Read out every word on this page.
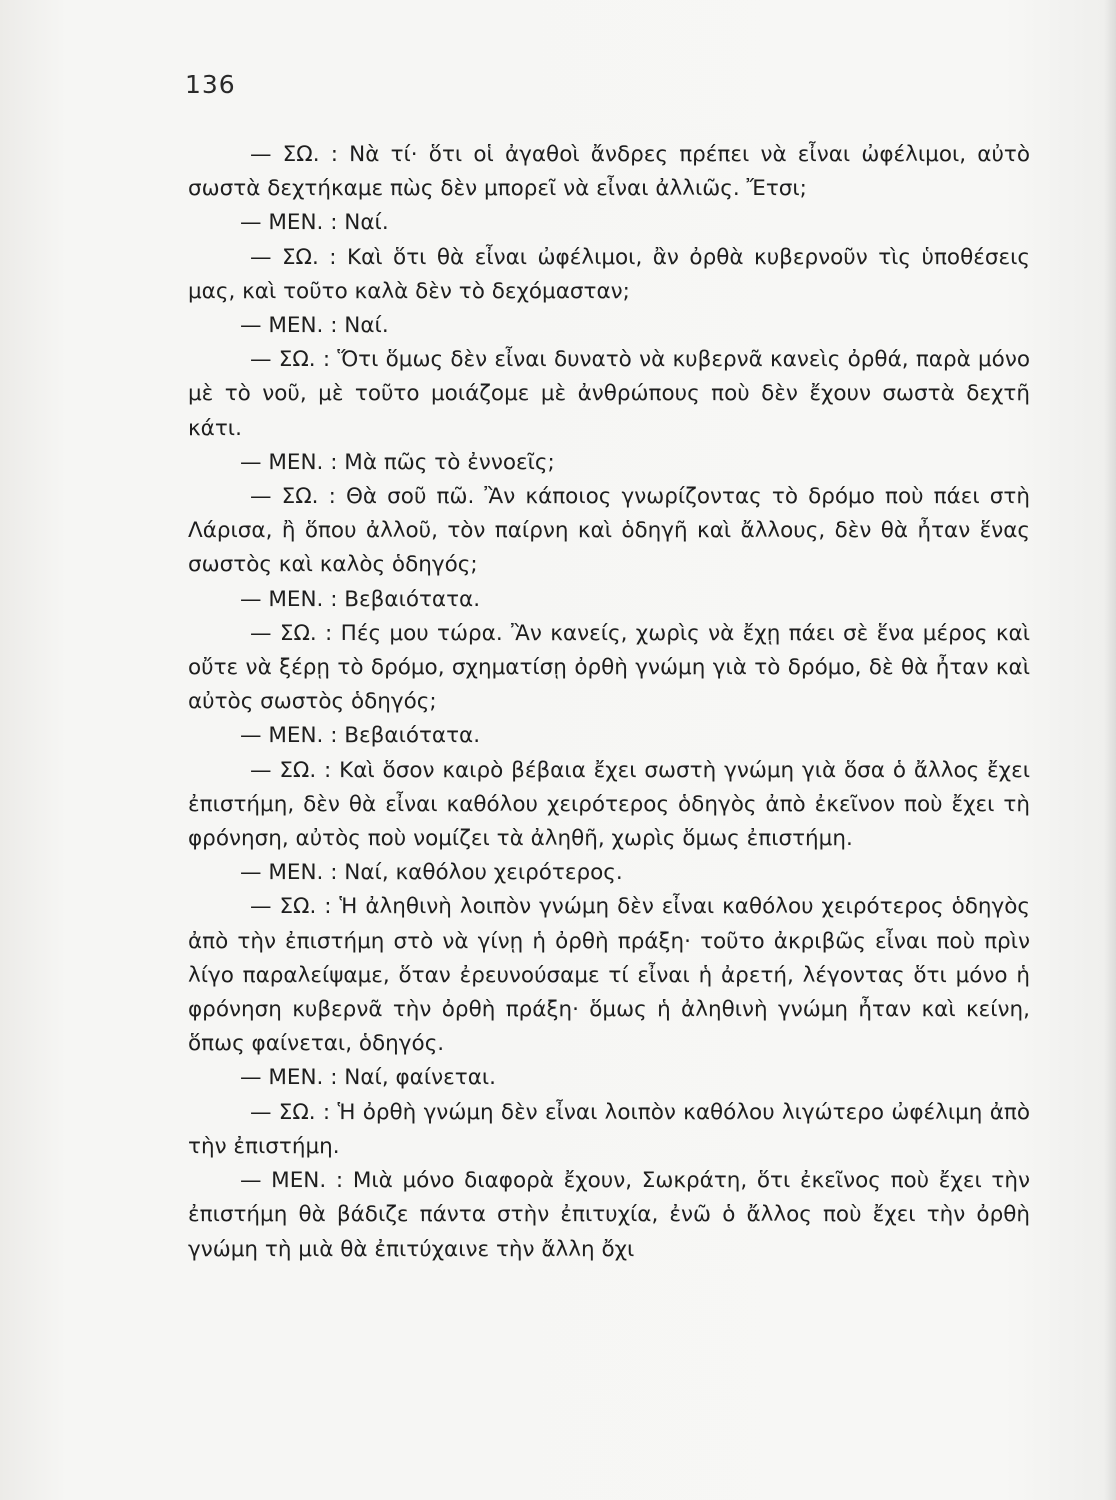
136

— ΣΩ. : Νὰ τί· ὅτι οἱ ἀγαθοὶ ἄνδρες πρέπει νὰ εἶναι ὠφέλιμοι, αὐτὸ σωστὰ δεχτήκαμε πὼς δὲν μπορεῖ νὰ εἶναι ἀλλιῶς. Ἔτσι;

— ΜΕΝ. : Ναί.

— ΣΩ. : Καὶ ὅτι θὰ εἶναι ὠφέλιμοι, ἂν ὀρθὰ κυβερνοῦν τὶς ὑποθέσεις μας, καὶ τοῦτο καλὰ δὲν τὸ δεχόμασταν;

— ΜΕΝ. : Ναί.

— ΣΩ. : Ὅτι ὅμως δὲν εἶναι δυνατὸ νὰ κυβερνᾶ κανεὶς ὀρθά, παρὰ μόνο μὲ τὸ νοῦ, μὲ τοῦτο μοιάζομε μὲ ἀνθρώπους ποὺ δὲν ἔχουν σωστὰ δεχτῆ κάτι.

— ΜΕΝ. : Μὰ πῶς τὸ ἐννοεῖς;

— ΣΩ. : Θὰ σοῦ πῶ. Ἂν κάποιος γνωρίζοντας τὸ δρόμο ποὺ πάει στὴ Λάρισα, ἢ ὅπου ἀλλοῦ, τὸν παίρνη καὶ ὁδηγῆ καὶ ἄλλους, δὲν θὰ ἦταν ἕνας σωστὸς καὶ καλὸς ὁδηγός;

— ΜΕΝ. : Βεβαιότατα.

— ΣΩ. : Πές μου τώρα. Ἂν κανείς, χωρὶς νὰ ἔχῃ πάει σὲ ἕνα μέρος καὶ οὔτε νὰ ξέρῃ τὸ δρόμο, σχηματίσῃ ὀρθὴ γνώμη γιὰ τὸ δρόμο, δὲ θὰ ἦταν καὶ αὐτὸς σωστὸς ὁδηγός;

— ΜΕΝ. : Βεβαιότατα.

— ΣΩ. : Καὶ ὅσον καιρὸ βέβαια ἔχει σωστὴ γνώμη γιὰ ὅσα ὁ ἄλλος ἔχει ἐπιστήμη, δὲν θὰ εἶναι καθόλου χειρότερος ὁδηγὸς ἀπὸ ἐκεῖνον ποὺ ἔχει τὴ φρόνηση, αὐτὸς ποὺ νομίζει τὰ ἀληθῆ, χωρὶς ὅμως ἐπιστήμη.

— ΜΕΝ. : Ναί, καθόλου χειρότερος.

— ΣΩ. : Ἡ ἀληθινὴ λοιπὸν γνώμη δὲν εἶναι καθόλου χειρότερος ὁδηγὸς ἀπὸ τὴν ἐπιστήμη στὸ νὰ γίνῃ ἡ ὀρθὴ πράξη· τοῦτο ἀκριβῶς εἶναι ποὺ πρὶν λίγο παραλείψαμε, ὅταν ἐρευνούσαμε τί εἶναι ἡ ἀρετή, λέγοντας ὅτι μόνο ἡ φρόνηση κυβερνᾶ τὴν ὀρθὴ πράξη· ὅμως ἡ ἀληθινὴ γνώμη ἦταν καὶ κείνη, ὅπως φαίνεται, ὁδηγός.

— ΜΕΝ. : Ναί, φαίνεται.

— ΣΩ. : Ἡ ὀρθὴ γνώμη δὲν εἶναι λοιπὸν καθόλου λιγώτερο ὠφέλιμη ἀπὸ τὴν ἐπιστήμη.

— ΜΕΝ. : Μιὰ μόνο διαφορὰ ἔχουν, Σωκράτη, ὅτι ἐκεῖνος ποὺ ἔχει τὴν ἐπιστήμη θὰ βάδιζε πάντα στὴν ἐπιτυχία, ἐνῶ ὁ ἄλλος ποὺ ἔχει τὴν ὀρθὴ γνώμη τὴ μιὰ θὰ ἐπιτύχαινε τὴν ἄλλη ὄχι
